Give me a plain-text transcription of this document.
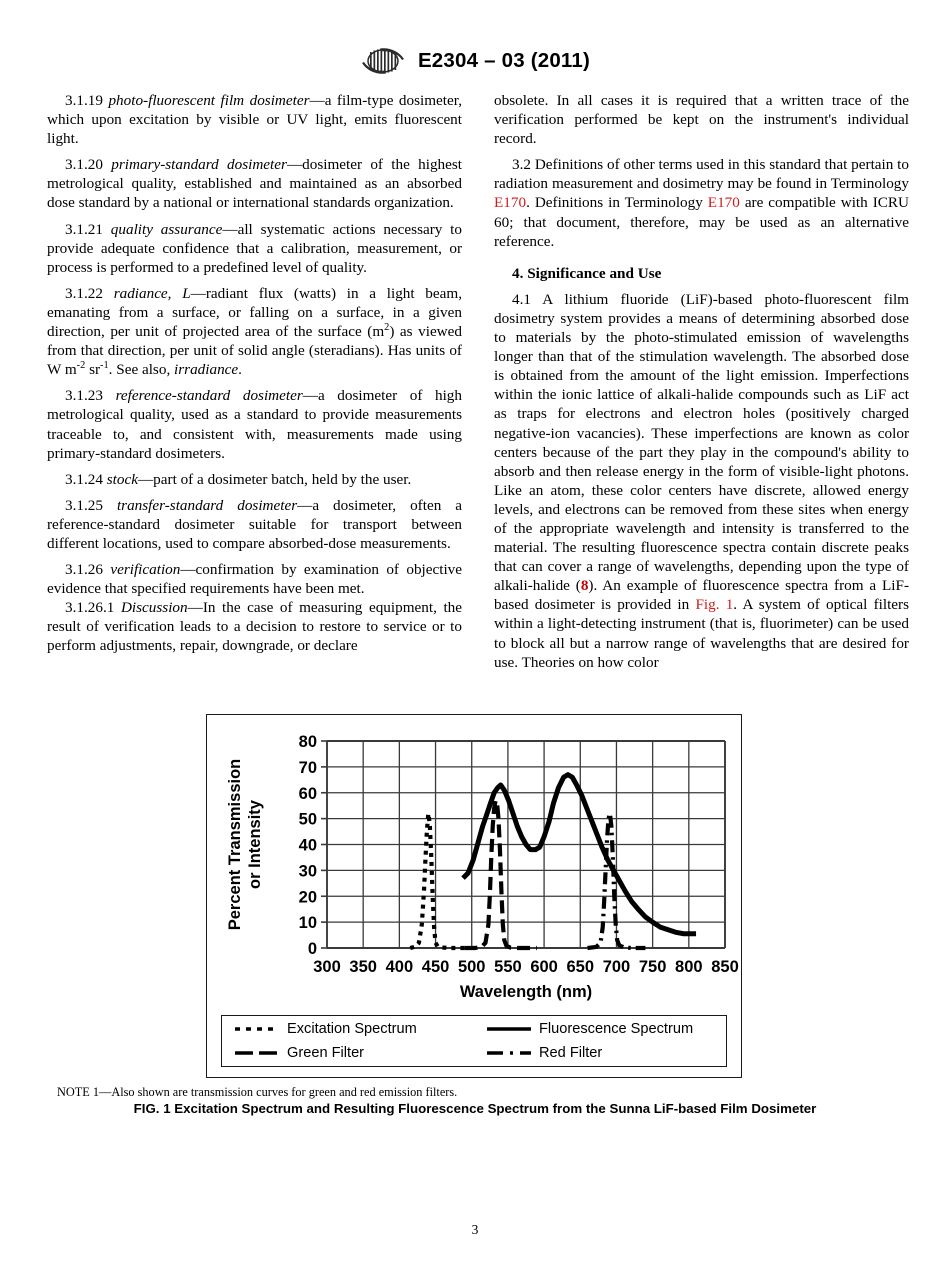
E2304 – 03 (2011)

3.1.19 photo-fluorescent film dosimeter—a film-type dosimeter, which upon excitation by visible or UV light, emits fluorescent light.

3.1.20 primary-standard dosimeter—dosimeter of the highest metrological quality, established and maintained as an absorbed dose standard by a national or international standards organization.

3.1.21 quality assurance—all systematic actions necessary to provide adequate confidence that a calibration, measurement, or process is performed to a predefined level of quality.

3.1.22 radiance, L—radiant flux (watts) in a light beam, emanating from a surface, or falling on a surface, in a given direction, per unit of projected area of the surface $(m^2)$ as viewed from that direction, per unit of solid angle (steradians). Has units of W $m^{-2}$ $sr^{-1}$. See also, irradiance.

3.1.23 reference-standard dosimeter—a dosimeter of high metrological quality, used as a standard to provide measurements traceable to, and consistent with, measurements made using primary-standard dosimeters.

3.1.24 stock—part of a dosimeter batch, held by the user.

3.1.25 transfer-standard dosimeter—a dosimeter, often a reference-standard dosimeter suitable for transport between different locations, used to compare absorbed-dose measurements.

3.1.26 verification—confirmation by examination of objective evidence that specified requirements have been met.

3.1.26.1 Discussion—In the case of measuring equipment, the result of verification leads to a decision to restore to service or to perform adjustments, repair, downgrade, or declare

obsolete. In all cases it is required that a written trace of the verification performed be kept on the instrument's individual record.

3.2 Definitions of other terms used in this standard that pertain to radiation measurement and dosimetry may be found in Terminology E170. Definitions in Terminology E170 are compatible with ICRU 60; that document, therefore, may be used as an alternative reference.

4. Significance and Use

4.1 A lithium fluoride (LiF)-based photo-fluorescent film dosimetry system provides a means of determining absorbed dose to materials by the photo-stimulated emission of wavelengths longer than that of the stimulation wavelength. The absorbed dose is obtained from the amount of the light emission. Imperfections within the ionic lattice of alkali-halide compounds such as LiF act as traps for electrons and electron holes (positively charged negative-ion vacancies). These imperfections are known as color centers because of the part they play in the compound's ability to absorb and then release energy in the form of visible-light photons. Like an atom, these color centers have discrete, allowed energy levels, and electrons can be removed from these sites when energy of the appropriate wavelength and intensity is transferred to the material. The resulting fluorescence spectra contain discrete peaks that can cover a range of wavelengths, depending upon the type of alkali-halide (8). An example of fluorescence spectra from a LiF-based dosimeter is provided in Fig. 1. A system of optical filters within a light-detecting instrument (that is, fluorimeter) can be used to block all but a narrow range of wavelengths that are desired for use. Theories on how color

0
10
20
30
40
50
60
70
80
300 350 400 450 500 550 600 650 700 750 800 850
Wavelength (nm)
Percent Transmission or Intensity
Excitation Spectrum	Fluorescence Spectrum
Green Filter	Red Filter
NOTE 1—Also shown are transmission curves for green and red emission filters.
FIG. 1 Excitation Spectrum and Resulting Fluorescence Spectrum from the Sunna LiF-based Film Dosimeter
3
